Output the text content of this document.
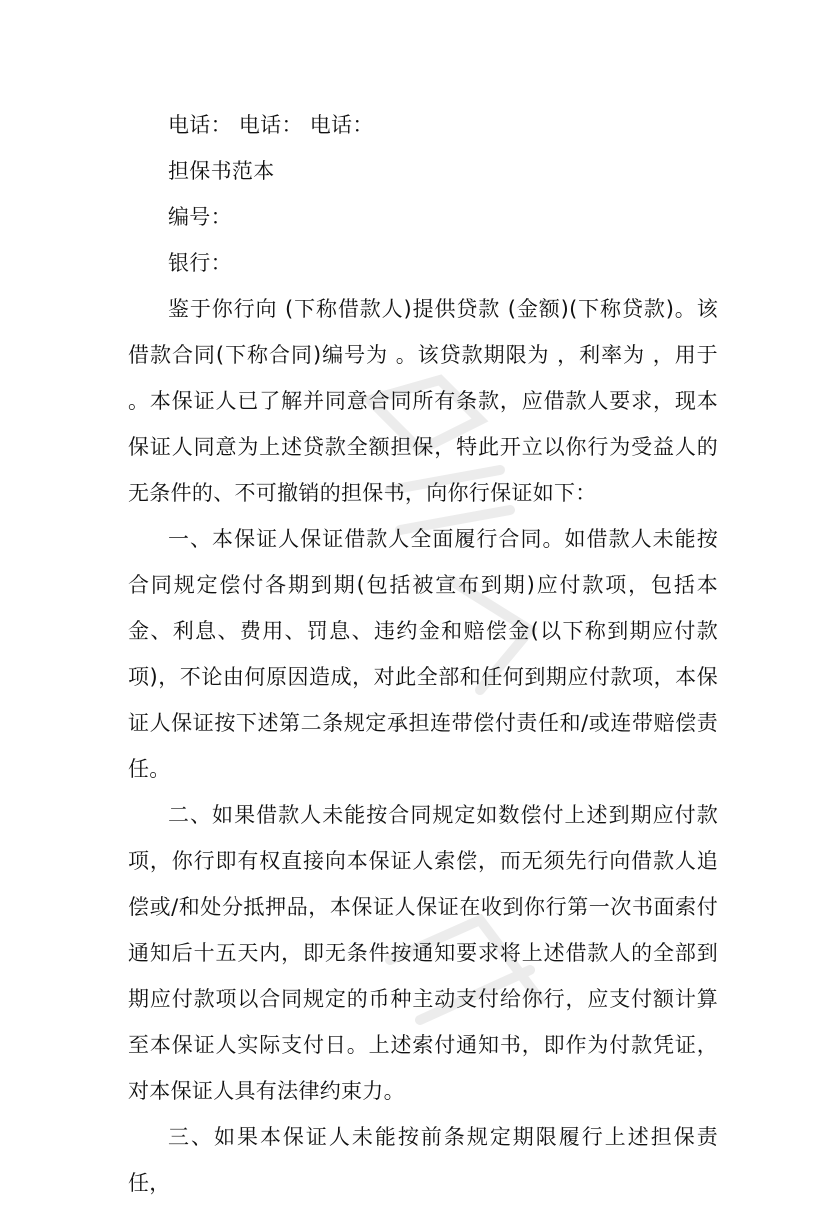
电话： 电话： 电话：

担保书范本

编号：

银行：

鉴于你行向 (下称借款人)提供贷款 (金额)(下称贷款)。该借款合同(下称合同)编号为 。该贷款期限为 ，利率为 ，用于 。本保证人已了解并同意合同所有条款，应借款人要求，现本保证人同意为上述贷款全额担保，特此开立以你行为受益人的无条件的、不可撤销的担保书，向你行保证如下：

一、本保证人保证借款人全面履行合同。如借款人未能按合同规定偿付各期到期(包括被宣布到期)应付款项，包括本金、利息、费用、罚息、违约金和赔偿金(以下称到期应付款项)，不论由何原因造成，对此全部和任何到期应付款项，本保证人保证按下述第二条规定承担连带偿付责任和/或连带赔偿责任。

二、如果借款人未能按合同规定如数偿付上述到期应付款项，你行即有权直接向本保证人索偿，而无须先行向借款人追偿或/和处分抵押品，本保证人保证在收到你行第一次书面索付通知后十五天内，即无条件按通知要求将上述借款人的全部到期应付款项以合同规定的币种主动支付给你行，应支付额计算至本保证人实际支付日。上述索付通知书，即作为付款凭证，对本保证人具有法律约束力。

三、如果本保证人未能按前条规定期限履行上述担保责任，
